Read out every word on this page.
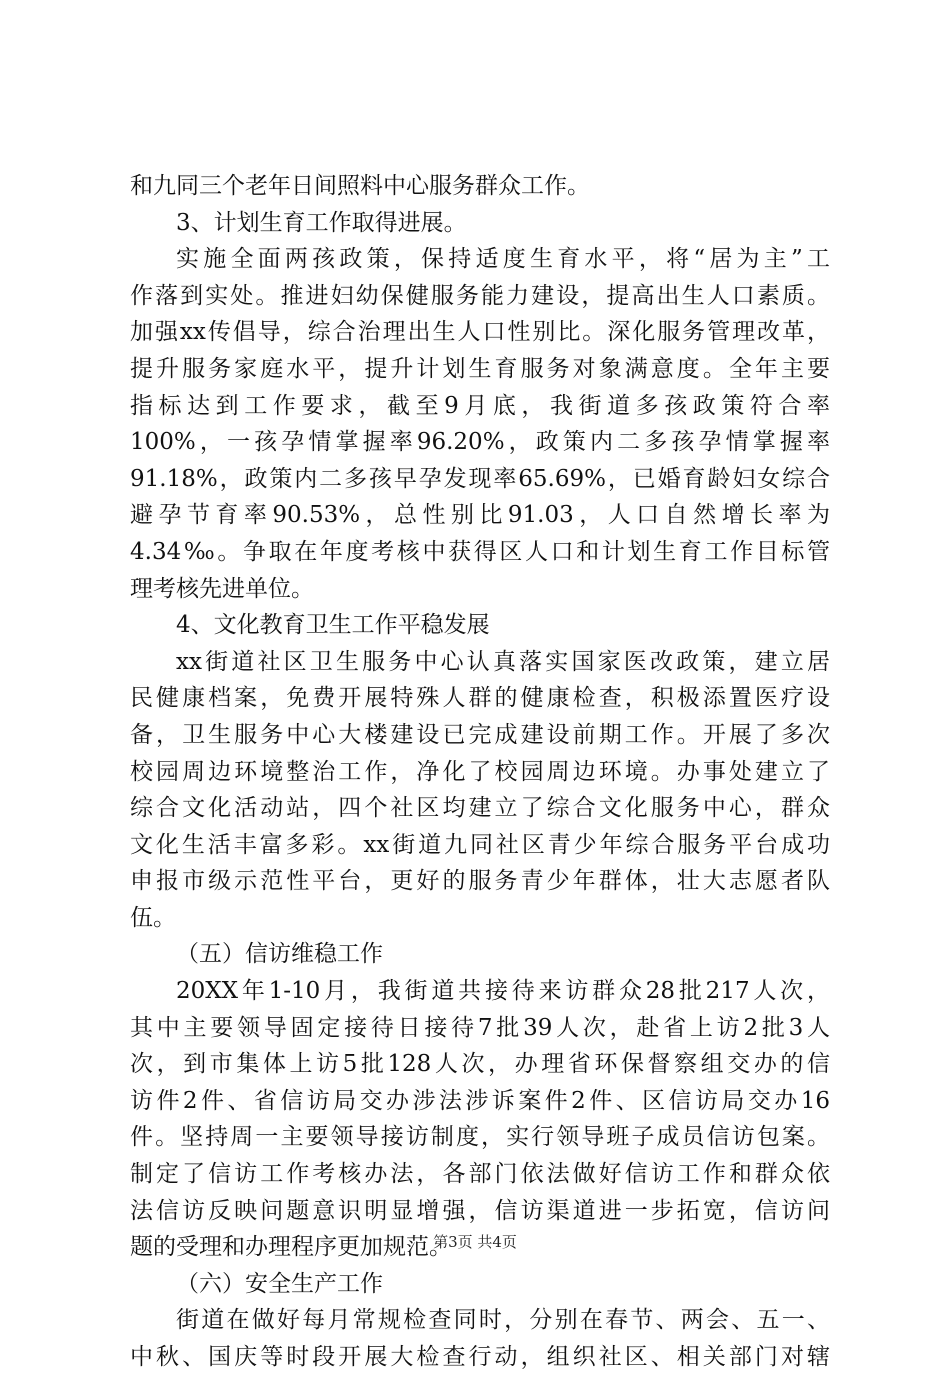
和九同三个老年日间照料中心服务群众工作。
3、计划生育工作取得进展。
实施全面两孩政策，保持适度生育水平，将“居为主”工
作落到实处。推进妇幼保健服务能力建设，提高出生人口素质。
加强xx传倡导，综合治理出生人口性别比。深化服务管理改革，
提升服务家庭水平，提升计划生育服务对象满意度。全年主要
指标达到工作要求，截至9月底，我街道多孩政策符合率
100%，一孩孕情掌握率96.20%，政策内二多孩孕情掌握率
91.18%，政策内二多孩早孕发现率65.69%，已婚育龄妇女综合
避孕节育率90.53%，总性别比91.03，人口自然增长率为
4.34‰。争取在年度考核中获得区人口和计划生育工作目标管
理考核先进单位。
4、文化教育卫生工作平稳发展
xx街道社区卫生服务中心认真落实国家医改政策，建立居
民健康档案，免费开展特殊人群的健康检查，积极添置医疗设
备，卫生服务中心大楼建设已完成建设前期工作。开展了多次
校园周边环境整治工作，净化了校园周边环境。办事处建立了
综合文化活动站，四个社区均建立了综合文化服务中心，群众
文化生活丰富多彩。xx街道九同社区青少年综合服务平台成功
申报市级示范性平台，更好的服务青少年群体，壮大志愿者队
伍。
（五）信访维稳工作
20XX年1-10月，我街道共接待来访群众28批217人次，
其中主要领导固定接待日接待7批39人次，赴省上访2批3人
次，到市集体上访5批128人次，办理省环保督察组交办的信
访件2件、省信访局交办涉法涉诉案件2件、区信访局交办16
件。坚持周一主要领导接访制度，实行领导班子成员信访包案。
制定了信访工作考核办法，各部门依法做好信访工作和群众依
法信访反映问题意识明显增强，信访渠道进一步拓宽，信访问
题的受理和办理程序更加规范。
（六）安全生产工作
街道在做好每月常规检查同时，分别在春节、两会、五一、
中秋、国庆等时段开展大检查行动，组织社区、相关部门对辖
第3页 共4页
